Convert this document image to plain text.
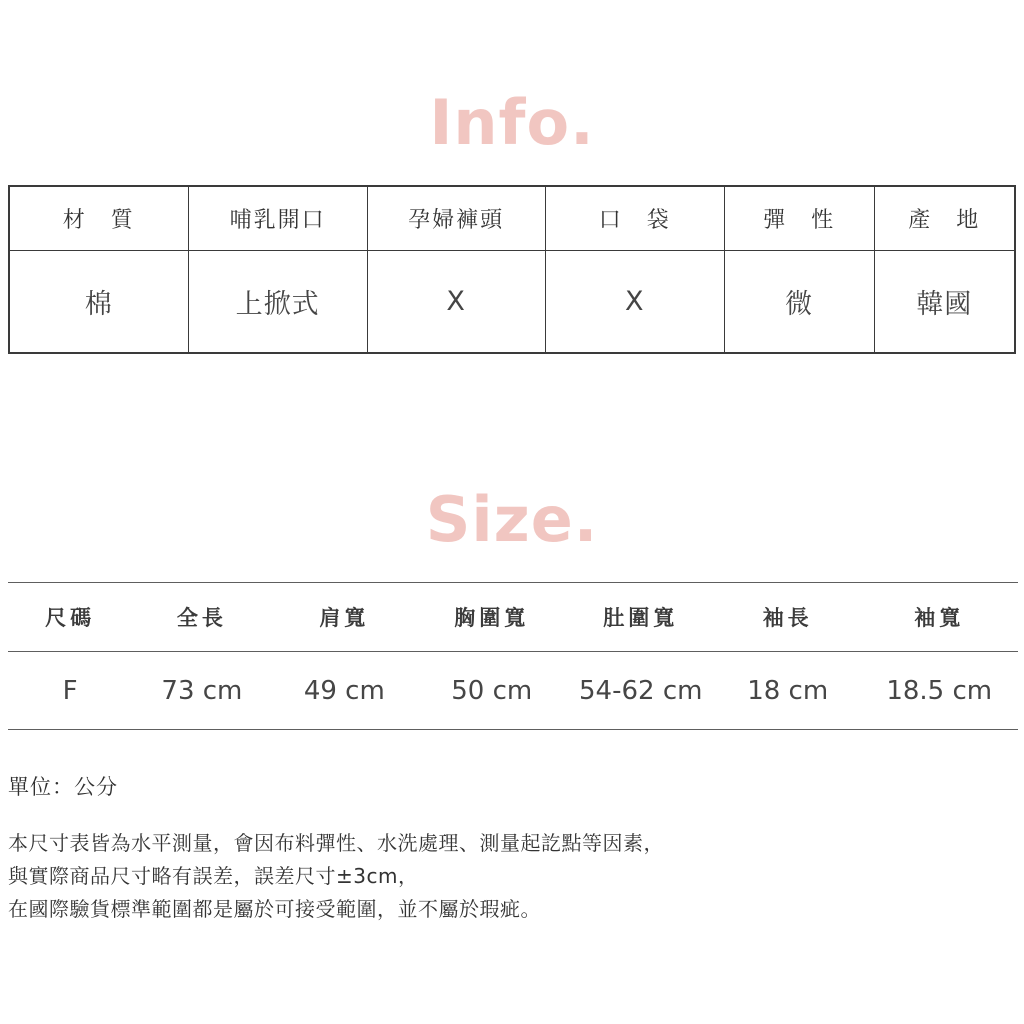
Info.
材　質	哺乳開口	孕婦褲頭	口　袋	彈　性	產　地
棉	上掀式	X	X	微	韓國
Size.
尺碼	全長	肩寬	胸圍寬	肚圍寬	袖長	袖寬
F	73 cm	49 cm	50 cm	54-62 cm	18 cm	18.5 cm
單位：公分
本尺寸表皆為水平測量，會因布料彈性、水洗處理、測量起訖點等因素，
與實際商品尺寸略有誤差，誤差尺寸±3cm，
在國際驗貨標準範圍都是屬於可接受範圍，並不屬於瑕疵。
